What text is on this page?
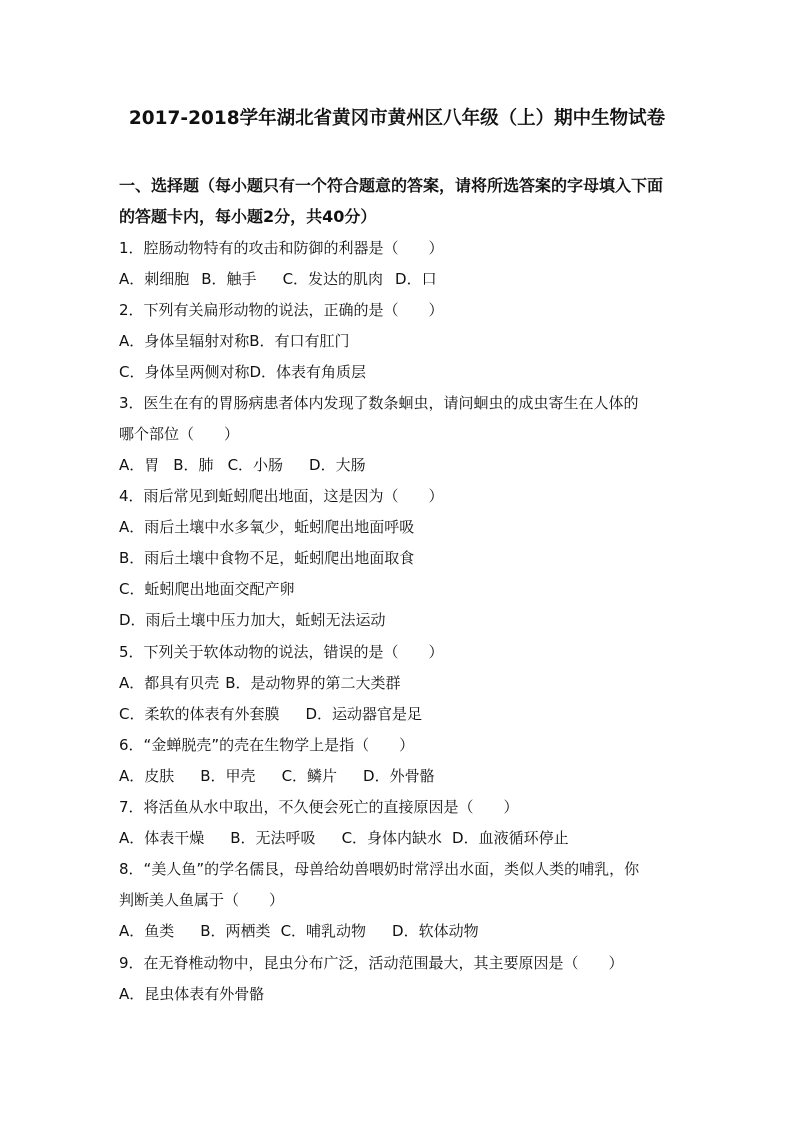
2017-2018学年湖北省黄冈市黄州区八年级（上）期中生物试卷
一、选择题（每小题只有一个符合题意的答案，请将所选答案的字母填入下面
的答题卡内，每小题2分，共40分）
1．腔肠动物特有的攻击和防御的利器是（　　）
A．刺细胞 B．触手 C．发达的肌肉 D．口
2．下列有关扁形动物的说法，正确的是（　　）
A．身体呈辐射对称B．有口有肛门
C．身体呈两侧对称D．体表有角质层
3．医生在有的胃肠病患者体内发现了数条蛔虫，请问蛔虫的成虫寄生在人体的
哪个部位（　　）
A．胃 B．肺 C．小肠 D．大肠
4．雨后常见到蚯蚓爬出地面，这是因为（　　）
A．雨后土壤中水多氧少，蚯蚓爬出地面呼吸
B．雨后土壤中食物不足，蚯蚓爬出地面取食
C．蚯蚓爬出地面交配产卵
D．雨后土壤中压力加大，蚯蚓无法运动
5．下列关于软体动物的说法，错误的是（　　）
A．都具有贝壳 B．是动物界的第二大类群
C．柔软的体表有外套膜 D．运动器官是足
6．“金蝉脱壳”的壳在生物学上是指（　　）
A．皮肤 B．甲壳 C．鳞片 D．外骨骼
7．将活鱼从水中取出，不久便会死亡的直接原因是（　　）
A．体表干燥 B．无法呼吸 C．身体内缺水 D．血液循环停止
8．“美人鱼”的学名儒艮，母兽给幼兽喂奶时常浮出水面，类似人类的哺乳，你
判断美人鱼属于（　　）
A．鱼类 B．两栖类 C．哺乳动物 D．软体动物
9．在无脊椎动物中，昆虫分布广泛，活动范围最大，其主要原因是（　　）
A．昆虫体表有外骨骼
